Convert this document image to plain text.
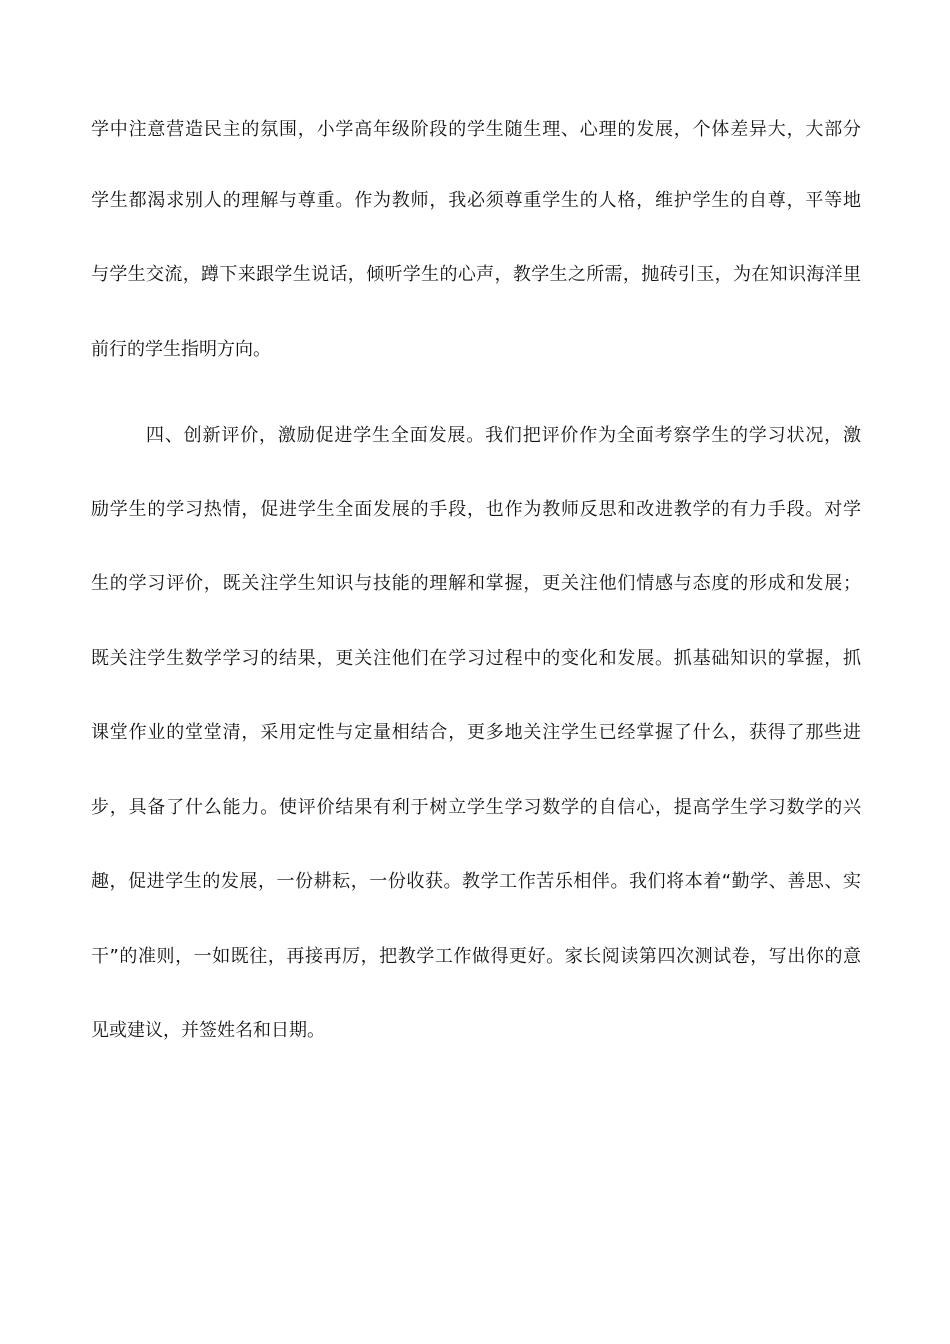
学中注意营造民主的氛围，小学高年级阶段的学生随生理、心理的发展，个体差异大，大部分
学生都渴求别人的理解与尊重。作为教师，我必须尊重学生的人格，维护学生的自尊，平等地
与学生交流，蹲下来跟学生说话，倾听学生的心声，教学生之所需，抛砖引玉，为在知识海洋里
前行的学生指明方向。
四、创新评价，激励促进学生全面发展。我们把评价作为全面考察学生的学习状况，激
励学生的学习热情，促进学生全面发展的手段，也作为教师反思和改进教学的有力手段。对学
生的学习评价，既关注学生知识与技能的理解和掌握，更关注他们情感与态度的形成和发展；
既关注学生数学学习的结果，更关注他们在学习过程中的变化和发展。抓基础知识的掌握，抓
课堂作业的堂堂清，采用定性与定量相结合，更多地关注学生已经掌握了什么，获得了那些进
步，具备了什么能力。使评价结果有利于树立学生学习数学的自信心，提高学生学习数学的兴
趣，促进学生的发展，一份耕耘，一份收获。教学工作苦乐相伴。我们将本着“勤学、善思、实
干”的准则，一如既往，再接再厉，把教学工作做得更好。家长阅读第四次测试卷，写出你的意
见或建议，并签姓名和日期。
